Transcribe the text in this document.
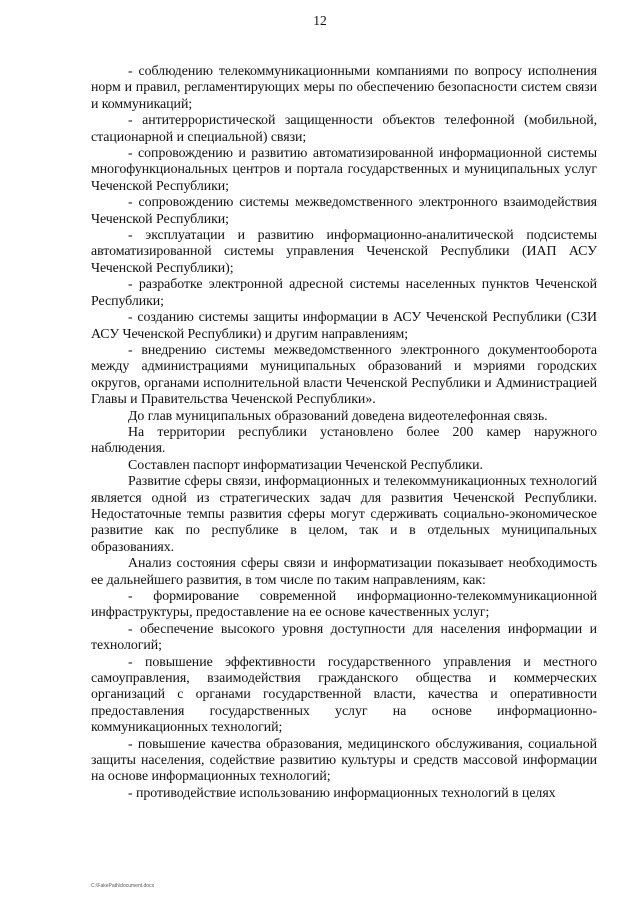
12

- соблюдению телекоммуникационными компаниями по вопросу исполнения норм и правил, регламентирующих меры по обеспечению безопасности систем связи и коммуникаций;

- антитеррористической защищенности объектов телефонной (мобильной, стационарной и специальной) связи;

- сопровождению и развитию автоматизированной информационной системы многофункциональных центров и портала государственных и муниципальных услуг Чеченской Республики;

- сопровождению системы межведомственного электронного взаимодействия Чеченской Республики;

- эксплуатации и развитию информационно-аналитической подсистемы автоматизированной системы управления Чеченской Республики (ИАП АСУ Чеченской Республики);

- разработке электронной адресной системы населенных пунктов Чеченской Республики;

- созданию системы защиты информации в АСУ Чеченской Республики (СЗИ АСУ Чеченской Республики) и другим направлениям;

- внедрению системы межведомственного электронного документооборота между администрациями муниципальных образований и мэриями городских округов, органами исполнительной власти Чеченской Республики и Администрацией Главы и Правительства Чеченской Республики».

До глав муниципальных образований доведена видеотелефонная связь.

На территории республики установлено более 200 камер наружного наблюдения.

Составлен паспорт информатизации Чеченской Республики.

Развитие сферы связи, информационных и телекоммуникационных технологий является одной из стратегических задач для развития Чеченской Республики. Недостаточные темпы развития сферы могут сдерживать социально-экономическое развитие как по республике в целом, так и в отдельных муниципальных образованиях.

Анализ состояния сферы связи и информатизации показывает необходимость ее дальнейшего развития, в том числе по таким направлениям, как:

- формирование современной информационно-телекоммуникационной инфраструктуры, предоставление на ее основе качественных услуг;

- обеспечение высокого уровня доступности для населения информации и технологий;

- повышение эффективности государственного управления и местного самоуправления, взаимодействия гражданского общества и коммерческих организаций с органами государственной власти, качества и оперативности предоставления государственных услуг на основе информационно-коммуникационных технологий;

- повышение качества образования, медицинского обслуживания, социальной защиты населения, содействие развитию культуры и средств массовой информации на основе информационных технологий;

- противодействие использованию информационных технологий в целях

С:\FakePath\document.docx
